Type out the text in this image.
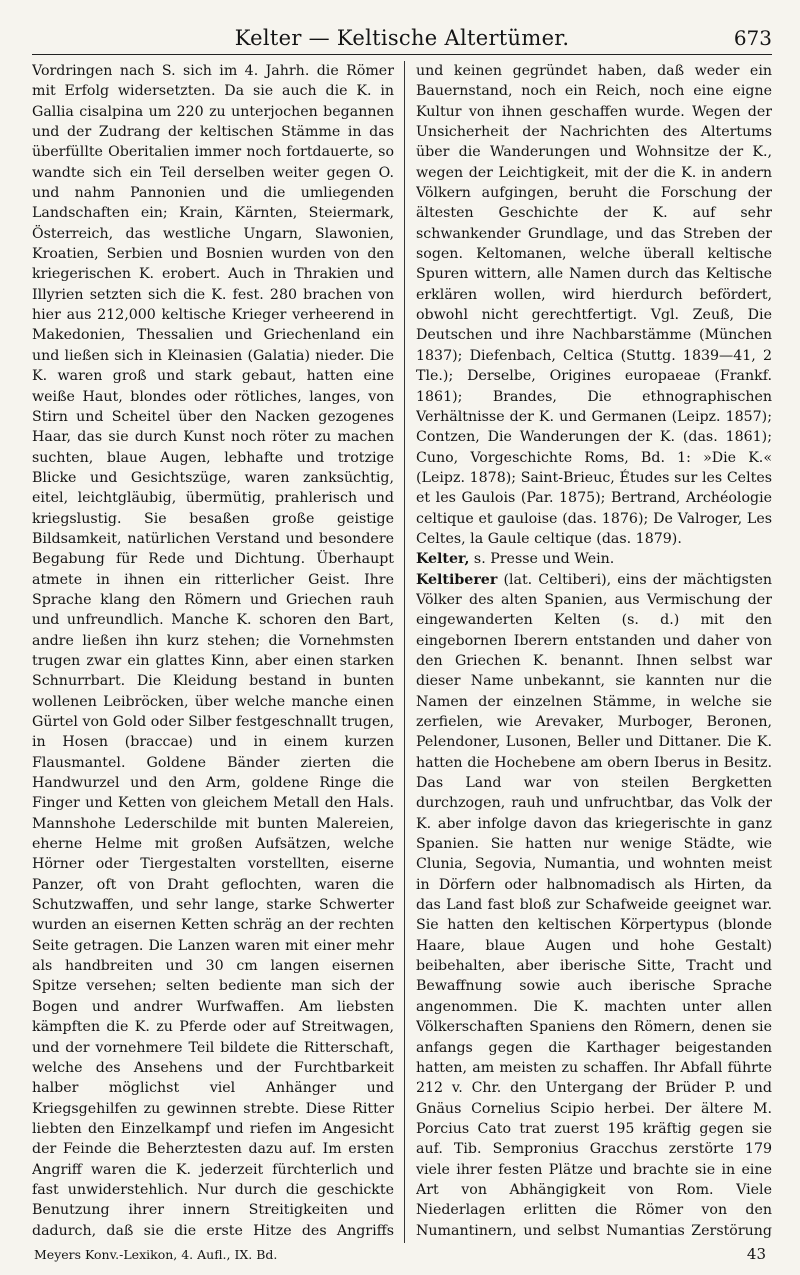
Kelter — Keltische Altertümer.	673

Vordringen nach S. sich im 4. Jahrh. die Römer mit Erfolg widersetzten. Da sie auch die K. in Gallia cisalpina um 220 zu unterjochen begannen und der Zudrang der keltischen Stämme in das überfüllte Oberitalien immer noch fortdauerte, so wandte sich ein Teil derselben weiter gegen O. und nahm Pannonien und die umliegenden Landschaften ein; Krain, Kärnten, Steiermark, Österreich, das westliche Ungarn, Slawonien, Kroatien, Serbien und Bosnien wurden von den kriegerischen K. erobert. Auch in Thrakien und Illyrien setzten sich die K. fest. 280 brachen von hier aus 212,000 keltische Krieger verheerend in Makedonien, Thessalien und Griechenland ein und ließen sich in Kleinasien (Galatia) nieder. Die K. waren groß und stark gebaut, hatten eine weiße Haut, blondes oder rötliches, langes, von Stirn und Scheitel über den Nacken gezogenes Haar, das sie durch Kunst noch röter zu machen suchten, blaue Augen, lebhafte und trotzige Blicke und Gesichtszüge, waren zanksüchtig, eitel, leichtgläubig, übermütig, prahlerisch und kriegslustig. Sie besaßen große geistige Bildsamkeit, natürlichen Verstand und besondere Begabung für Rede und Dichtung. Überhaupt atmete in ihnen ein ritterlicher Geist. Ihre Sprache klang den Römern und Griechen rauh und unfreundlich. Manche K. schoren den Bart, andre ließen ihn kurz stehen; die Vornehmsten trugen zwar ein glattes Kinn, aber einen starken Schnurrbart. Die Kleidung bestand in bunten wollenen Leibröcken, über welche manche einen Gürtel von Gold oder Silber festgeschnallt trugen, in Hosen (braccae) und in einem kurzen Flausmantel. Goldene Bänder zierten die Handwurzel und den Arm, goldene Ringe die Finger und Ketten von gleichem Metall den Hals. Mannshohe Lederschilde mit bunten Malereien, eherne Helme mit großen Aufsätzen, welche Hörner oder Tiergestalten vorstellten, eiserne Panzer, oft von Draht geflochten, waren die Schutzwaffen, und sehr lange, starke Schwerter wurden an eisernen Ketten schräg an der rechten Seite getragen. Die Lanzen waren mit einer mehr als handbreiten und 30 cm langen eisernen Spitze versehen; selten bediente man sich der Bogen und andrer Wurfwaffen. Am liebsten kämpften die K. zu Pferde oder auf Streitwagen, und der vornehmere Teil bildete die Ritterschaft, welche des Ansehens und der Furchtbarkeit halber möglichst viel Anhänger und Kriegsgehilfen zu gewinnen strebte. Diese Ritter liebten den Einzelkampf und riefen im Angesicht der Feinde die Beherztesten dazu auf. Im ersten Angriff waren die K. jederzeit fürchterlich und fast unwiderstehlich. Nur durch die geschickte Benutzung ihrer innern Streitigkeiten und dadurch, daß sie die erste Hitze des Angriffs

und keinen gegründet haben, daß weder ein Bauernstand, noch ein Reich, noch eine eigne Kultur von ihnen geschaffen wurde. Wegen der Unsicherheit der Nachrichten des Altertums über die Wanderungen und Wohnsitze der K., wegen der Leichtigkeit, mit der die K. in andern Völkern aufgingen, beruht die Forschung der ältesten Geschichte der K. auf sehr schwankender Grundlage, und das Streben der sogen. Keltomanen, welche überall keltische Spuren wittern, alle Namen durch das Keltische erklären wollen, wird hierdurch befördert, obwohl nicht gerechtfertigt. Vgl. Zeuß, Die Deutschen und ihre Nachbarstämme (München 1837); Diefenbach, Celtica (Stuttg. 1839—41, 2 Tle.); Derselbe, Origines europaeae (Frankf. 1861); Brandes, Die ethnographischen Verhältnisse der K. und Germanen (Leipz. 1857); Contzen, Die Wanderungen der K. (das. 1861); Cuno, Vorgeschichte Roms, Bd. 1: »Die K.« (Leipz. 1878); Saint-Brieuc, Études sur les Celtes et les Gaulois (Par. 1875); Bertrand, Archéologie celtique et gauloise (das. 1876); De Valroger, Les Celtes, la Gaule celtique (das. 1879).

Kelter, s. Presse und Wein.

Keltiberer (lat. Celtiberi), eins der mächtigsten Völker des alten Spanien, aus Vermischung der eingewanderten Kelten (s. d.) mit den eingebornen Iberern entstanden und daher von den Griechen K. benannt. Ihnen selbst war dieser Name unbekannt, sie kannten nur die Namen der einzelnen Stämme, in welche sie zerfielen, wie Arevaker, Murboger, Beronen, Pelendoner, Lusonen, Beller und Dittaner. Die K. hatten die Hochebene am obern Iberus in Besitz. Das Land war von steilen Bergketten durchzogen, rauh und unfruchtbar, das Volk der K. aber infolge davon das kriegerischte in ganz Spanien. Sie hatten nur wenige Städte, wie Clunia, Segovia, Numantia, und wohnten meist in Dörfern oder halbnomadisch als Hirten, da das Land fast bloß zur Schafweide geeignet war. Sie hatten den keltischen Körpertypus (blonde Haare, blaue Augen und hohe Gestalt) beibehalten, aber iberische Sitte, Tracht und Bewaffnung sowie auch iberische Sprache angenommen. Die K. machten unter allen Völkerschaften Spaniens den Römern, denen sie anfangs gegen die Karthager beigestanden hatten, am meisten zu schaffen. Ihr Abfall führte 212 v. Chr. den Untergang der Brüder P. und Gnäus Cornelius Scipio herbei. Der ältere M. Porcius Cato trat zuerst 195 kräftig gegen sie auf. Tib. Sempronius Gracchus zerstörte 179 viele ihrer festen Plätze und brachte sie in eine Art von Abhängigkeit von Rom. Viele Niederlagen erlitten die Römer von den Numantinern, und selbst Numantias Zerstörung

Meyers Konv.-Lexikon, 4. Aufl., IX. Bd.	43
